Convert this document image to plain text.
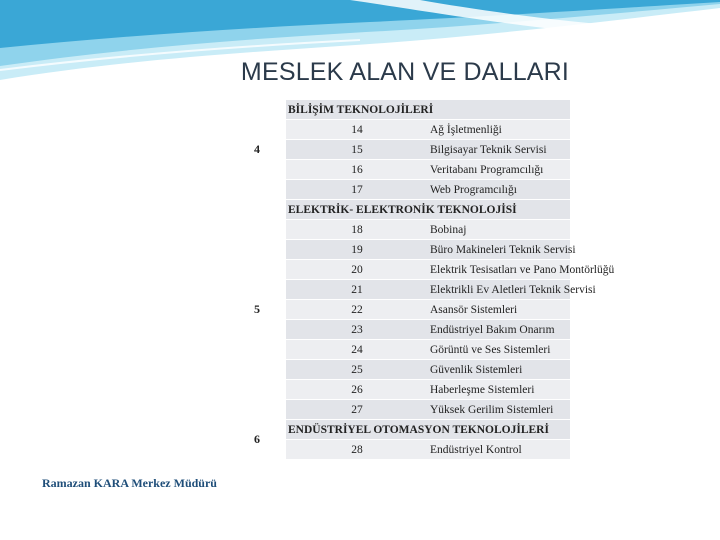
MESLEK ALAN VE DALLARI
4	BİLİŞİM TEKNOLOJİLERİ	
	14	Ağ İşletmenliği
	15	Bilgisayar Teknik Servisi
	16	Veritabanı Programcılığı
	17	Web Programcılığı
5	ELEKTRİK- ELEKTRONİK TEKNOLOJİSİ	
	18	Bobinaj
	19	Büro Makineleri Teknik Servisi
	20	Elektrik Tesisatları ve Pano Montörlüğü
	21	Elektrikli Ev Aletleri Teknik Servisi
	22	Asansör Sistemleri
	23	Endüstriyel Bakım Onarım
	24	Görüntü ve Ses Sistemleri
	25	Güvenlik Sistemleri
	26	Haberleşme Sistemleri
	27	Yüksek Gerilim Sistemleri
6	ENDÜSTRİYEL OTOMASYON TEKNOLOJİLERİ	
	28	Endüstriyel Kontrol
Ramazan KARA Merkez Müdürü
